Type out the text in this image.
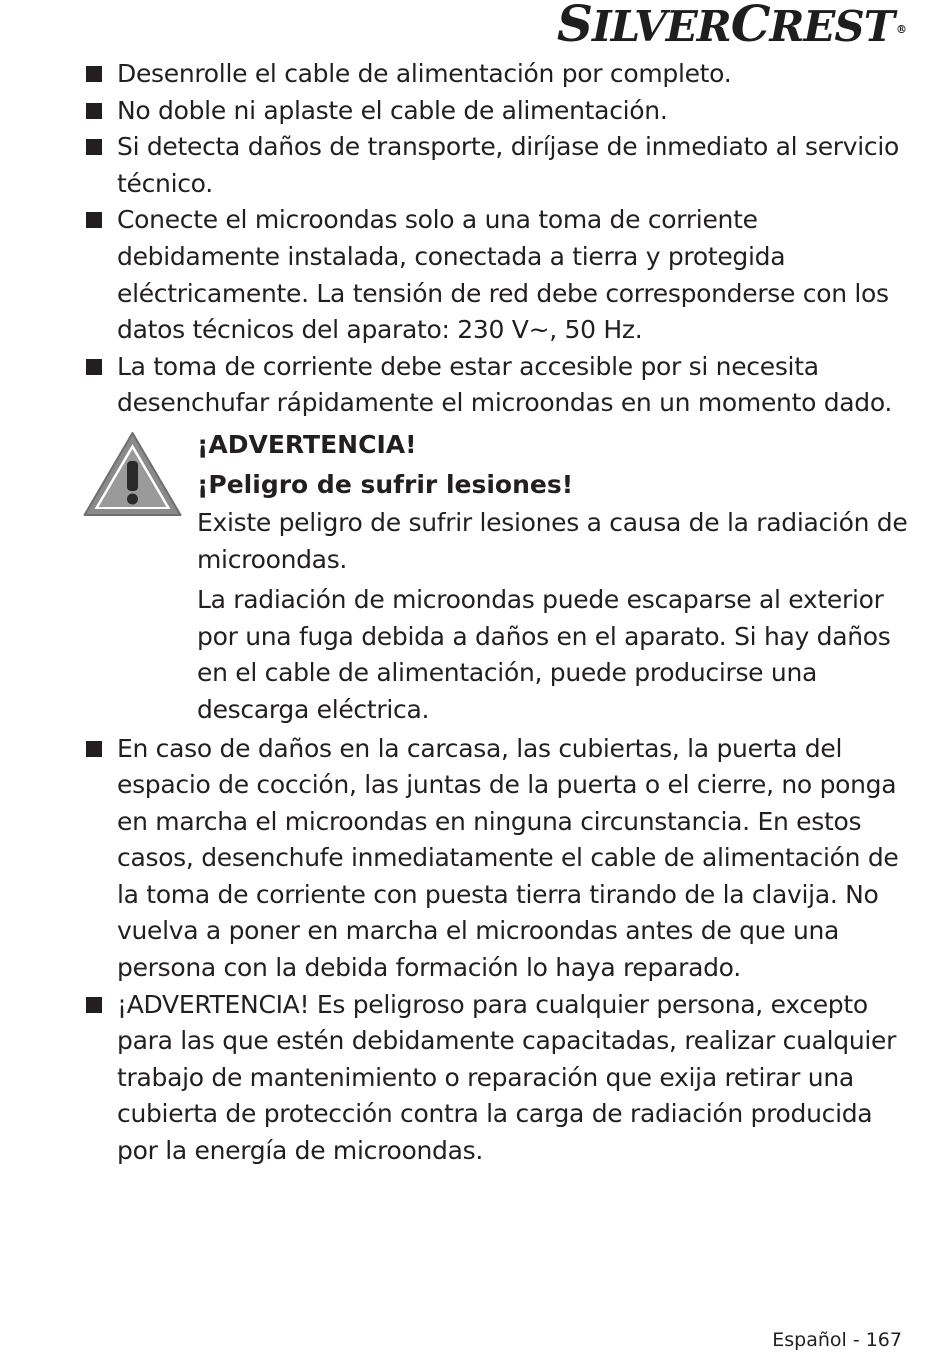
SILVERCREST ®
Desenrolle el cable de alimentación por completo.
No doble ni aplaste el cable de alimentación.
Si detecta daños de transporte, diríjase de inmediato al servicio técnico.
Conecte el microondas solo a una toma de corriente debidamente instalada, conectada a tierra y protegida eléctricamente. La tensión de red debe corresponderse con los datos técnicos del aparato: 230 V~, 50 Hz.
La toma de corriente debe estar accesible por si necesita desenchufar rápidamente el microondas en un momento dado.
¡ADVERTENCIA!
¡Peligro de sufrir lesiones!
Existe peligro de sufrir lesiones a causa de la radiación de microondas.
La radiación de microondas puede escaparse al exterior por una fuga debida a daños en el aparato. Si hay daños en el cable de alimentación, puede producirse una descarga eléctrica.
En caso de daños en la carcasa, las cubiertas, la puerta del espacio de cocción, las juntas de la puerta o el cierre, no ponga en marcha el microondas en ninguna circunstancia. En estos casos, desenchufe inmediatamente el cable de alimentación de la toma de corriente con puesta tierra tirando de la clavija. No vuelva a poner en marcha el microondas antes de que una persona con la debida formación lo haya reparado.
¡ADVERTENCIA! Es peligroso para cualquier persona, excepto para las que estén debidamente capacitadas, realizar cualquier trabajo de mantenimiento o reparación que exija retirar una cubierta de protección contra la carga de radiación producida por la energía de microondas.
Español - 167
